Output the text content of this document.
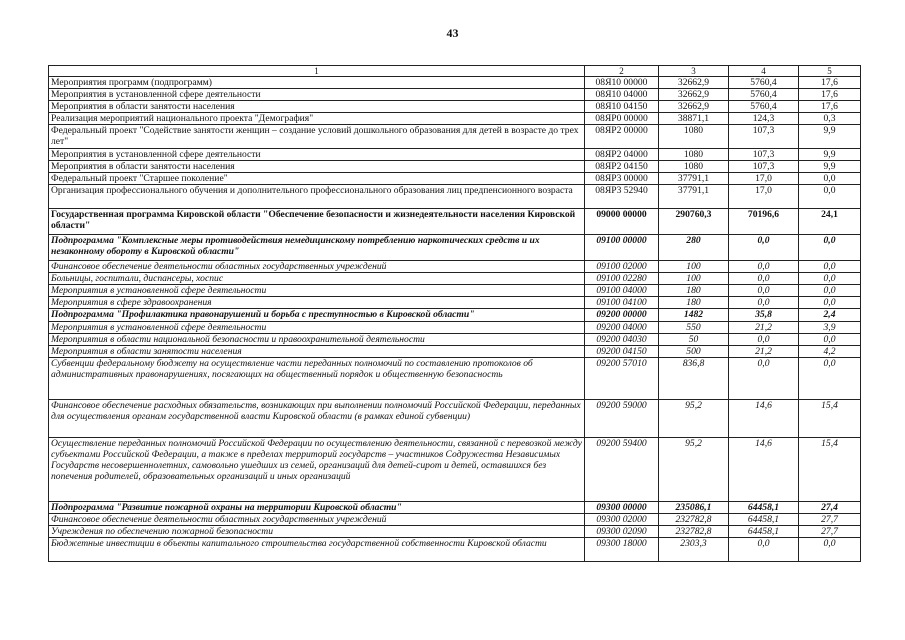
43
1	2	3	4	5
Мероприятия программ (подпрограмм)	08Я10 00000	32662,9	5760,4	17,6
Мероприятия в установленной сфере деятельности	08Я10 04000	32662,9	5760,4	17,6
Мероприятия в области занятости населения	08Я10 04150	32662,9	5760,4	17,6
Реализация мероприятий национального проекта "Демография"	08ЯР0 00000	38871,1	124,3	0,3
Федеральный проект "Содействие занятости женщин – создание условий дошкольного образования для детей в возрасте до трех лет"	08ЯР2 00000	1080	107,3	9,9
Мероприятия в установленной сфере деятельности	08ЯР2 04000	1080	107,3	9,9
Мероприятия в области занятости населения	08ЯР2 04150	1080	107,3	9,9
Федеральный проект "Старшее поколение"	08ЯР3 00000	37791,1	17,0	0,0
Организация профессионального обучения и дополнительного профессионального образования лиц предпенсионного возраста	08ЯР3 52940	37791,1	17,0	0,0
Государственная программа Кировской области "Обеспечение безопасности и жизнедеятельности населения Кировской области"	09000 00000	290760,3	70196,6	24,1
Подпрограмма "Комплексные меры противодействия немедицинскому потреблению наркотических средств и их незаконному обороту в Кировской области"	09100 00000	280	0,0	0,0
Финансовое обеспечение деятельности областных государственных учреждений	09100 02000	100	0,0	0,0
Больницы, госпитали, диспансеры, хоспис	09100 02280	100	0,0	0,0
Мероприятия в установленной сфере деятельности	09100 04000	180	0,0	0,0
Мероприятия в сфере здравоохранения	09100 04100	180	0,0	0,0
Подпрограмма "Профилактика правонарушений и борьба с преступностью в Кировской области"	09200 00000	1482	35,8	2,4
Мероприятия в установленной сфере деятельности	09200 04000	550	21,2	3,9
Мероприятия в области национальной безопасности и правоохранительной деятельности	09200 04030	50	0,0	0,0
Мероприятия в области занятости населения	09200 04150	500	21,2	4,2
Субвенции федеральному бюджету на осуществление части переданных полномочий по составлению протоколов об административных правонарушениях, посягающих на общественный порядок и общественную безопасность	09200 57010	836,8	0,0	0,0
Финансовое обеспечение расходных обязательств, возникающих при выполнении полномочий Российской Федерации, переданных для осуществления органам государственной власти Кировской области (в рамках единой субвенции)	09200 59000	95,2	14,6	15,4
Осуществление переданных полномочий Российской Федерации по осуществлению деятельности, связанной с перевозкой между субъектами Российской Федерации, а также в пределах территорий государств – участников Содружества Независимых Государств несовершеннолетних, самовольно ушедших из семей, организаций для детей-сирот и детей, оставшихся без попечения родителей, образовательных организаций и иных организаций	09200 59400	95,2	14,6	15,4
Подпрограмма "Развитие пожарной охраны на территории Кировской области"	09300 00000	235086,1	64458,1	27,4
Финансовое обеспечение деятельности областных государственных учреждений	09300 02000	232782,8	64458,1	27,7
Учреждения по обеспечению пожарной безопасности	09300 02090	232782,8	64458,1	27,7
Бюджетные инвестиции в объекты капитального строительства государственной собственности Кировской области	09300 18000	2303,3	0,0	0,0
